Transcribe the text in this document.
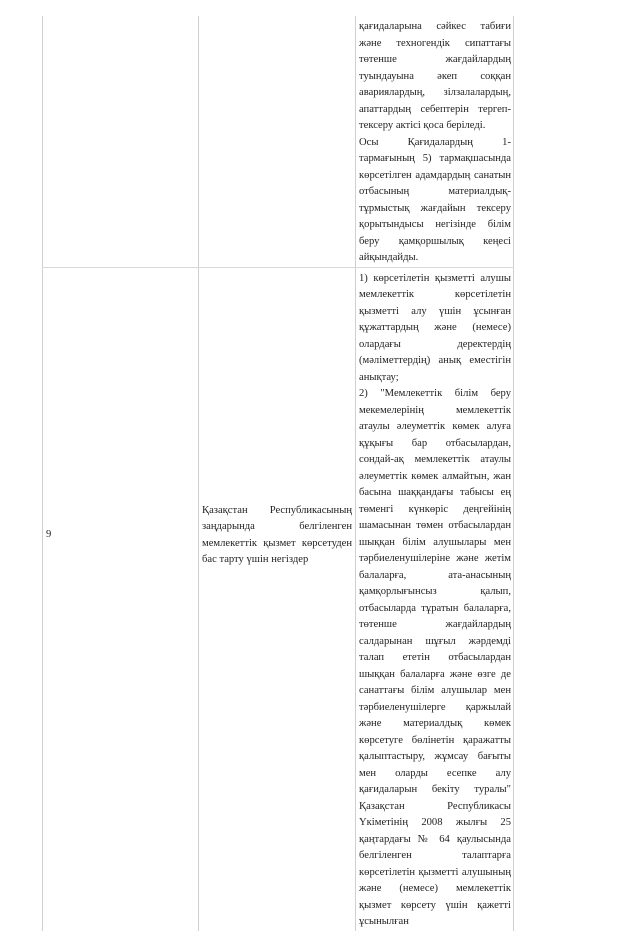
		қағидаларына сәйкес табиғи және техногендік сипаттағы төтенше жағдайлардың туындауына әкеп соққан авариялардың, зілзалалардың, апаттардың себептерін тергеп-тексеру актісі қоса беріледі.

Осы Қағидалардың 1-тармағының 5) тармақшасында көрсетілген адамдардың санатын отбасының материалдық-тұрмыстық жағдайын тексеру қорытындысы негізінде білім беру қамқоршылық кеңесі айқындайды.

9	Қазақстан Республикасының заңдарында белгіленген мемлекеттік қызмет көрсетуден бас тарту үшін негіздер	1) көрсетілетін қызметті алушы мемлекеттік көрсетілетін қызметті алу үшін ұсынған құжаттардың және (немесе) олардағы деректердің (мәліметтердің) анық еместігін анықтау;

2) "Мемлекеттік білім беру мекемелерінің мемлекеттік атаулы әлеуметтік көмек алуға құқығы бар отбасылардан, сондай-ақ мемлекеттік атаулы әлеуметтік көмек алмайтын, жан басына шаққандағы табысы ең төменгі күнкөріс деңгейінің шамасынан төмен отбасылардан шыққан білім алушылары мен тәрбиеленушілеріне және жетім балаларға, ата-анасының қамқорлығынсыз қалып, отбасыларда тұратын балаларға, төтенше жағдайлардың салдарынан шұғыл жәрдемді талап ететін отбасылардан шыққан балаларға және өзге де санаттағы білім алушылар мен тәрбиеленушілерге қаржылай және материалдық көмек көрсетуге бөлінетін қаражатты қалыптастыру, жұмсау бағыты мен оларды есепке алу қағидаларын бекіту туралы" Қазақстан Республикасы Үкіметінің 2008 жылғы 25 қаңтардағы № 64 қаулысында белгіленген талаптарға көрсетілетін қызметті алушының және (немесе) мемлекеттік қызмет көрсету үшін қажетті ұсынылған
